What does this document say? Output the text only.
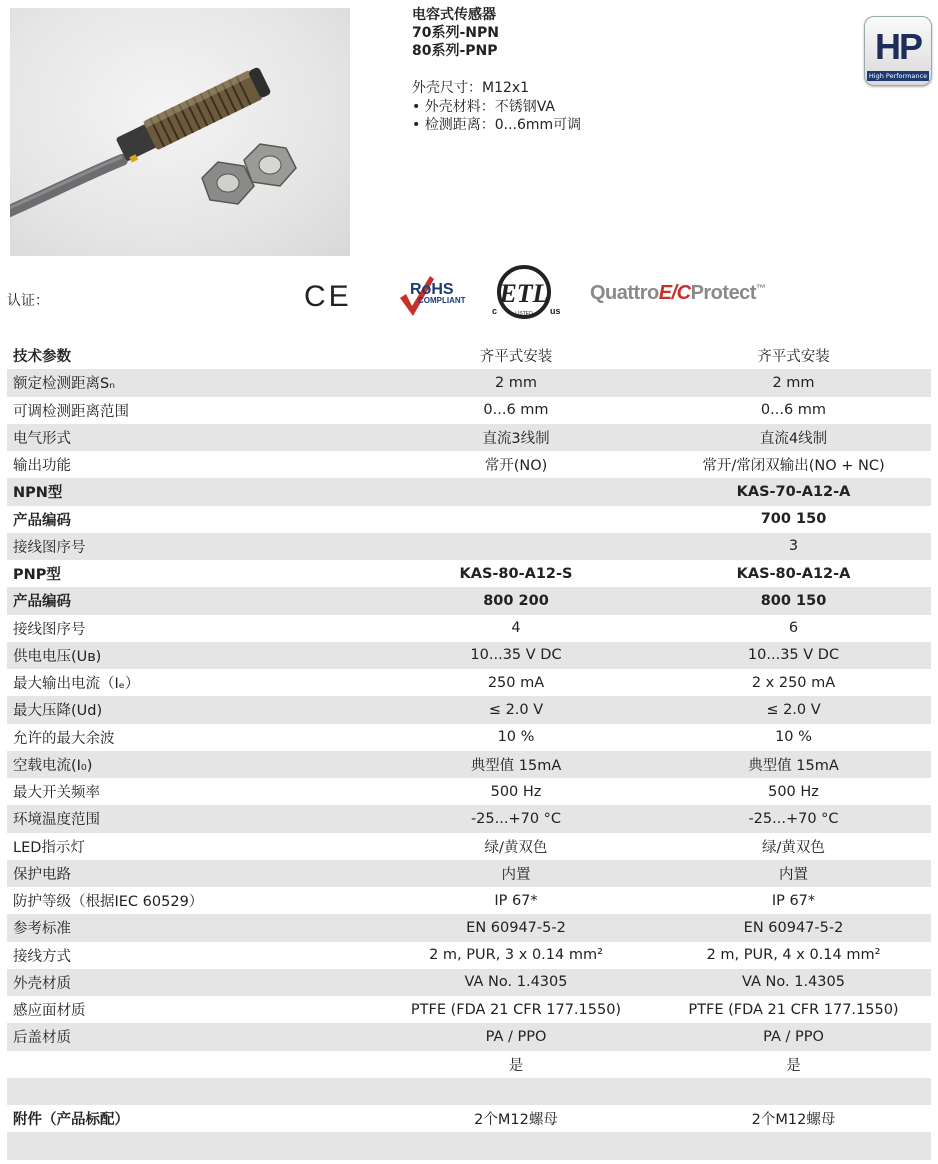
电容式传感器
70系列-NPN
80系列-PNP
外壳尺寸：M12x1
• 外壳材料：不锈钢VA
• 检测距离：0...6mm可调
HP
High Performance
认证：	CE	RoHS
COMPLIANT ETL
LISTED
c	us
QuattroE/CProtect™
技术参数	齐平式安装	齐平式安装
额定检测距离Sₙ	2 mm	2 mm
可调检测距离范围	0...6 mm	0...6 mm
电气形式	直流3线制	直流4线制
输出功能	常开(NO)	常开/常闭双输出(NO + NC)
NPN型		KAS-70-A12-A
产品编码		700 150
接线图序号		3
PNP型	KAS-80-A12-S	KAS-80-A12-A
产品编码	800 200	800 150
接线图序号	4	6
供电电压(Uʙ)	10...35 V DC	10...35 V DC
最大输出电流（Iₑ）	250 mA	2 x 250 mA
最大压降(Ud)	≤ 2.0 V	≤ 2.0 V
允许的最大余波	10 %	10 %
空载电流(I₀)	典型值 15mA	典型值 15mA
最大开关频率	500 Hz	500 Hz
环境温度范围	-25...+70 °C	-25...+70 °C
LED指示灯	绿/黄双色	绿/黄双色
保护电路	内置	内置
防护等级（根据IEC 60529）	IP 67*	IP 67*
参考标准	EN 60947-5-2	EN 60947-5-2
接线方式	2 m, PUR, 3 x 0.14 mm²	2 m, PUR, 4 x 0.14 mm²
外壳材质	VA No. 1.4305	VA No. 1.4305
感应面材质	PTFE (FDA 21 CFR 177.1550)	PTFE (FDA 21 CFR 177.1550)
后盖材质	PA / PPO	PA / PPO
	是	是

附件（产品标配）	2个M12螺母	2个M12螺母
